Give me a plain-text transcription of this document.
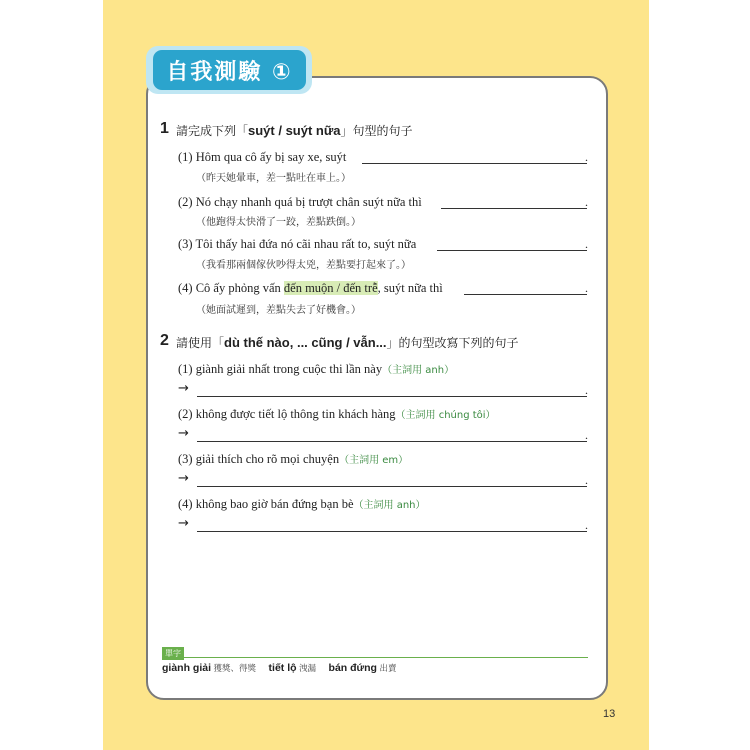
自我測驗 ①
1 請完成下列「suýt / suýt nữa」句型的句子
(1) Hôm qua cô ấy bị say xe, suýt	.
（昨天她暈車，差一點吐在車上。）
(2) Nó chạy nhanh quá bị trượt chân suýt nữa thì	.
（他跑得太快滑了一跤，差點跌倒。）
(3) Tôi thấy hai đứa nó cãi nhau rất to, suýt nữa	.
（我看那兩個傢伙吵得太兇，差點要打起來了。）
(4) Cô ấy phỏng vấn đến muộn / đến trễ, suýt nữa thì	.
（她面試遲到，差點失去了好機會。）
2 請使用「dù thế nào, ... cũng / vẫn...」的句型改寫下列的句子
(1) giành giải nhất trong cuộc thi lần này（主詞用 anh）
→	.
(2) không được tiết lộ thông tin khách hàng（主詞用 chúng tôi）
→	.
(3) giải thích cho rõ mọi chuyện（主詞用 em）
→	.
(4) không bao giờ bán đứng bạn bè（主詞用 anh）
→	.
單字
giành giải 獲獎、得獎 tiết lộ 洩漏 bán đứng 出賣
13
